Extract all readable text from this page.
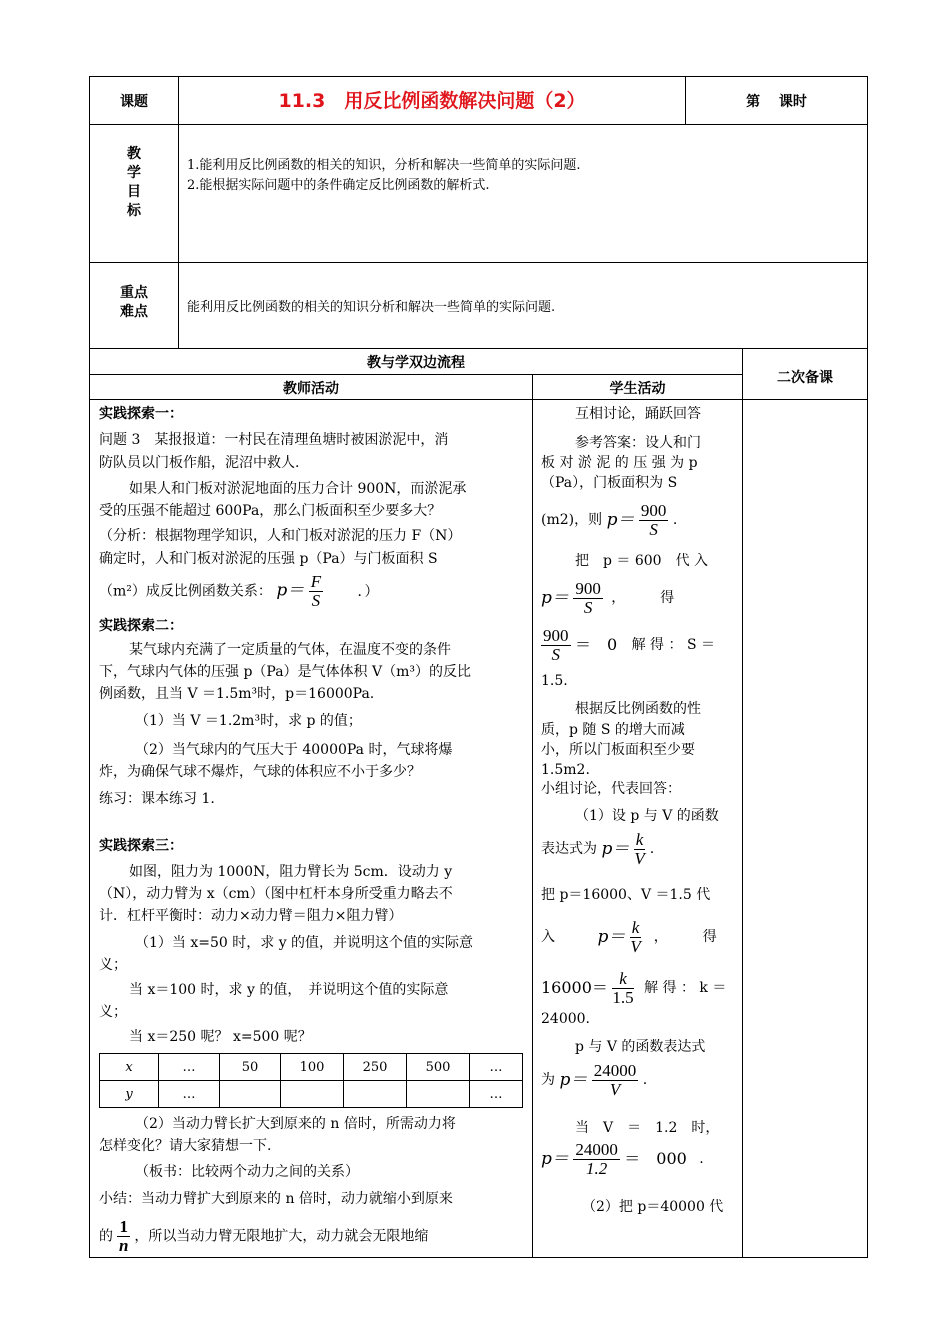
课题	11.3　用反比例函数解决问题（2）	第　 课时
教
学
目
标

1.能利用反比例函数的相关的知识，分析和解决一些简单的实际问题.

2.能根据实际问题中的条件确定反比例函数的解析式.

重点
难点	能利用反比例函数的相关的知识分析和解决一些简单的实际问题.

教与学双边流程
教师活动	学生活动
二次备课

实践探索一：

问题 3　某报报道：一村民在清理鱼塘时被困淤泥中，消

防队员以门板作船，泥沼中救人.

如果人和门板对淤泥地面的压力合计 900N，而淤泥承

受的压强不能超过 600Pa，那么门板面积至少要多大？

（分析：根据物理学知识，人和门板对淤泥的压力 F（N）

确定时，人和门板对淤泥的压强 p（Pa）与门板面积 S

（m²）成反比例函数关系： $p= \frac{F}{S}$ ．）

实践探索二：

某气球内充满了一定质量的气体，在温度不变的条件

下，气球内气体的压强 p（Pa）是气体体积 V（m³）的反比

例函数，且当 V ＝1.5m³时，p＝16000Pa.

（1）当 V ＝1.2m³时，求 p 的值；

（2）当气球内的气压大于 40000Pa 时，气球将爆

炸，为确保气球不爆炸，气球的体积应不小于多少？

练习：课本练习 1.

实践探索三：

如图，阻力为 1000N，阻力臂长为 5cm．设动力 y

（N），动力臂为 x（cm）（图中杠杆本身所受重力略去不

计．杠杆平衡时：动力×动力臂＝阻力×阻力臂）

（1）当 x=50 时，求 y 的值，并说明这个值的实际意

义；

当 x＝100 时，求 y 的值，　并说明这个值的实际意

义；

当 x＝250 呢？ x=500 呢？

x	…	50	100	250	500	…
y	…					…

（2）当动力臂长扩大到原来的 n 倍时，所需动力将

怎样变化？请大家猜想一下.

（板书：比较两个动力之间的关系）

小结：当动力臂扩大到原来的 n 倍时，动力就缩小到原来

的 $\frac{1}{n}$ ，所以当动力臂无限地扩大，动力就会无限地缩

互相讨论，踊跃回答

参考答案：设人和门

板 对 淤 泥 的 压 强 为 p

（Pa），门板面积为 S

(m2)，则 $p= \frac{900}{S}$ .

把　p ＝ 600　代 入

$p= \frac{900}{S}$ ，　　　得

$\frac{900}{S}$ ＝　0 解 得 ： S ＝

1.5.

根据反比例函数的性

质，p 随 S 的增大而减

小，所以门板面积至少要

1.5m2.

小组讨论，代表回答：

（1）设 p 与 V 的函数

表达式为 $p= \frac{k}{V}$ .

把 p＝16000、V ＝1.5 代

入 $p= \frac{k}{V}$ ，　　　得

$16000= \frac{k}{1.5}$ 解 得 ： k ＝

24000.

p 与 V 的函数表达式

为 $p= \frac{24000}{V}$ .

当　V　＝　1.2　时，

$p= \frac{24000}{1.2}$ ＝　000 .

（2）把 p＝40000 代
